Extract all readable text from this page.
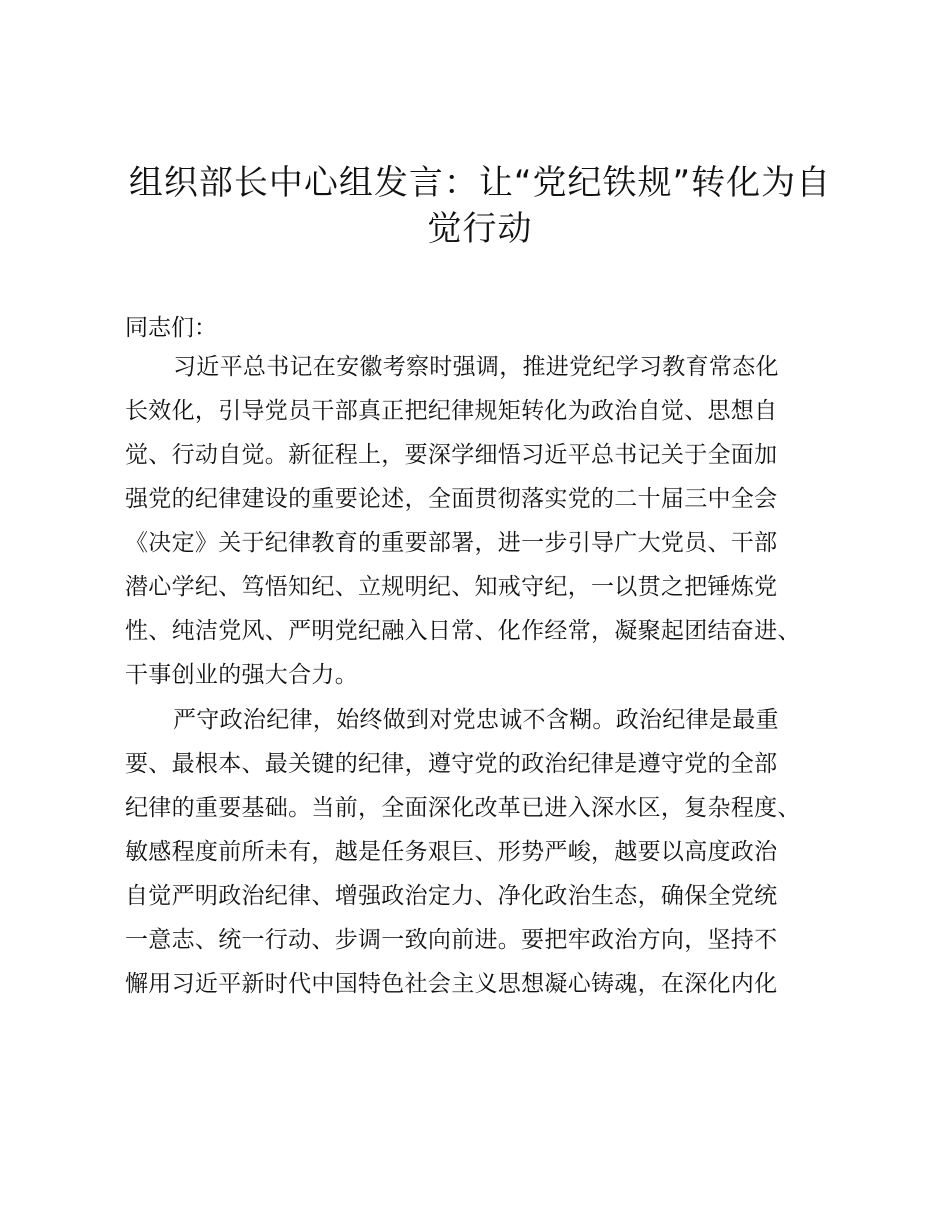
组织部长中心组发言：让“党纪铁规”转化为自
觉行动

同志们：

习近平总书记在安徽考察时强调，推进党纪学习教育常态化

长效化，引导党员干部真正把纪律规矩转化为政治自觉、思想自

觉、行动自觉。新征程上，要深学细悟习近平总书记关于全面加

强党的纪律建设的重要论述，全面贯彻落实党的二十届三中全会

《决定》关于纪律教育的重要部署，进一步引导广大党员、干部

潜心学纪、笃悟知纪、立规明纪、知戒守纪，一以贯之把锤炼党

性、纯洁党风、严明党纪融入日常、化作经常，凝聚起团结奋进、

干事创业的强大合力。

严守政治纪律，始终做到对党忠诚不含糊。政治纪律是最重

要、最根本、最关键的纪律，遵守党的政治纪律是遵守党的全部

纪律的重要基础。当前，全面深化改革已进入深水区，复杂程度、

敏感程度前所未有，越是任务艰巨、形势严峻，越要以高度政治

自觉严明政治纪律、增强政治定力、净化政治生态，确保全党统

一意志、统一行动、步调一致向前进。要把牢政治方向，坚持不

懈用习近平新时代中国特色社会主义思想凝心铸魂，在深化内化
